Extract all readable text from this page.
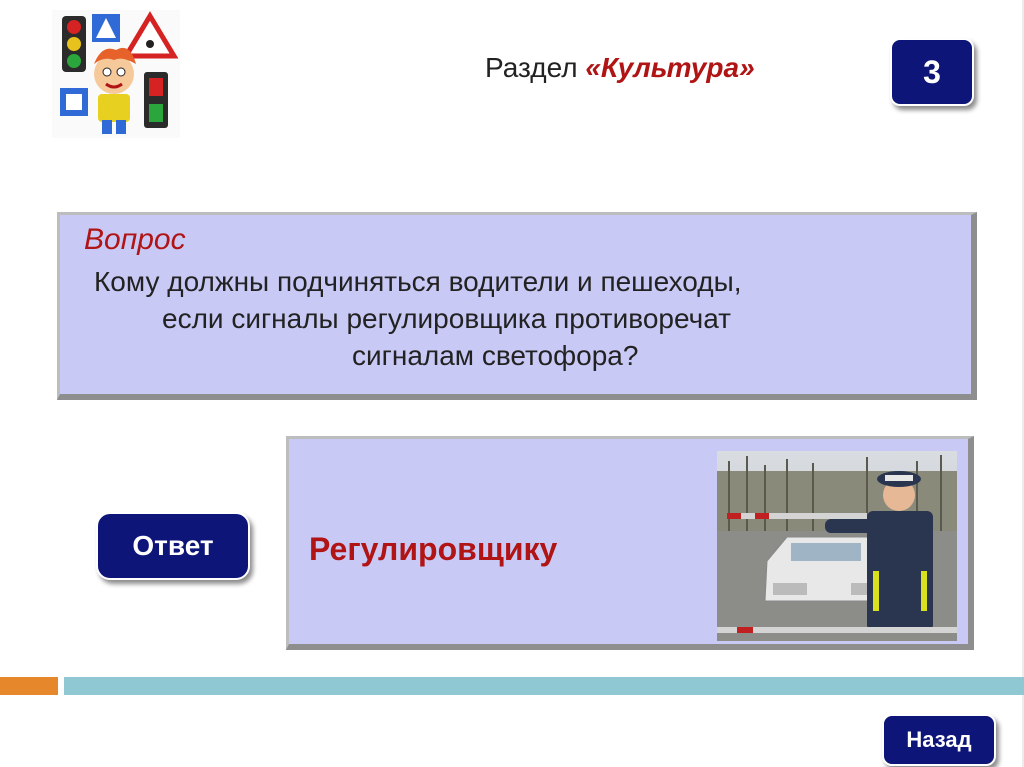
Раздел «Культура»	3
Вопрос
Кому должны подчиняться водители и пешеходы,
если сигналы регулировщика противоречат
сигналам светофора?
Ответ	Регулировщику
Назад
